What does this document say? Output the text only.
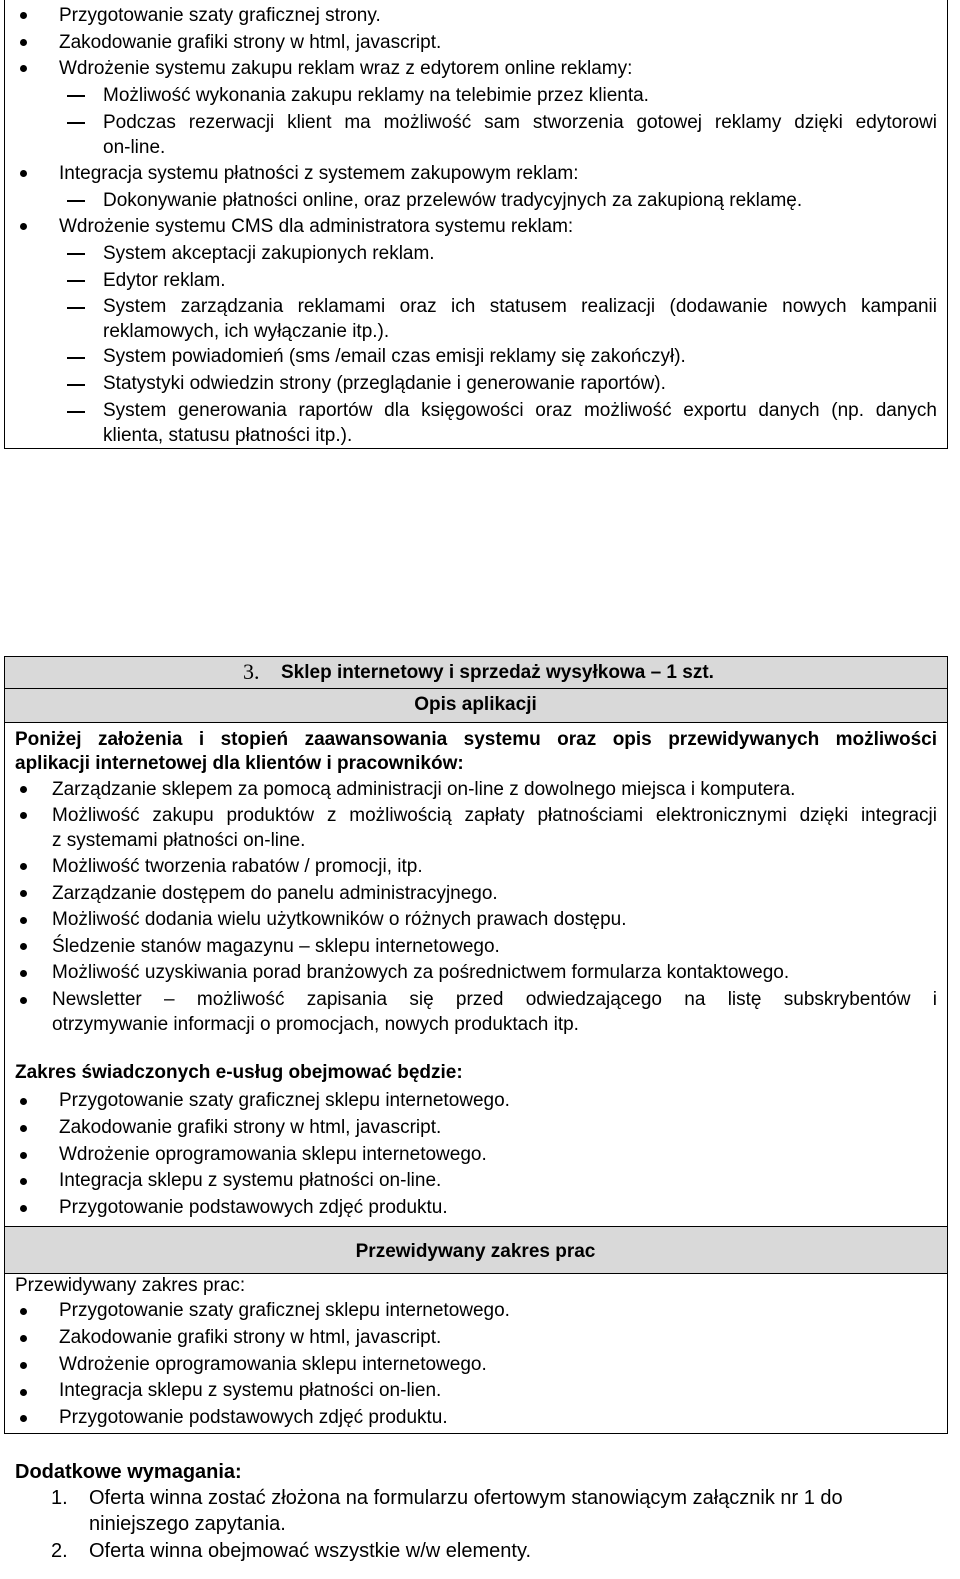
Przygotowanie szaty graficznej strony.
Zakodowanie grafiki strony w html, javascript.
Wdrożenie systemu zakupu reklam wraz z edytorem online reklamy:
Możliwość wykonania zakupu reklamy na telebimie przez klienta.
Podczas rezerwacji klient ma możliwość sam stworzenia gotowej reklamy dzięki edytorowi
on-line.
Integracja systemu płatności z systemem zakupowym reklam:
Dokonywanie płatności online, oraz przelewów tradycyjnych za zakupioną reklamę.
Wdrożenie systemu CMS dla administratora systemu reklam:
System akceptacji zakupionych reklam.
Edytor reklam.
System zarządzania reklamami oraz ich statusem realizacji (dodawanie nowych kampanii
reklamowych, ich wyłączanie itp.).
System powiadomień (sms /email czas emisji reklamy się zakończył).
Statystyki odwiedzin strony (przeglądanie i generowanie raportów).
System generowania raportów dla księgowości oraz możliwość exportu danych (np. danych
klienta, statusu płatności itp.).
3. Sklep internetowy i sprzedaż wysyłkowa – 1 szt.
Opis aplikacji
Poniżej założenia i stopień zaawansowania systemu oraz opis przewidywanych możliwości
aplikacji internetowej dla klientów i pracowników:
Zarządzanie sklepem za pomocą administracji on-line z dowolnego miejsca i komputera.
Możliwość zakupu produktów z możliwością zapłaty płatnościami elektronicznymi dzięki integracji
z systemami płatności on-line.
Możliwość tworzenia rabatów / promocji, itp.
Zarządzanie dostępem do panelu administracyjnego.
Możliwość dodania wielu użytkowników o różnych prawach dostępu.
Śledzenie stanów magazynu – sklepu internetowego.
Możliwość uzyskiwania porad branżowych za pośrednictwem formularza kontaktowego.
Newsletter – możliwość zapisania się przed odwiedzającego na listę subskrybentów i
otrzymywanie informacji o promocjach, nowych produktach itp.
Zakres świadczonych e-usług obejmować będzie:
Przygotowanie szaty graficznej sklepu internetowego.
Zakodowanie grafiki strony w html, javascript.
Wdrożenie oprogramowania sklepu internetowego.
Integracja sklepu z systemu płatności on-line.
Przygotowanie podstawowych zdjęć produktu.
Przewidywany zakres prac
Przewidywany zakres prac:
Przygotowanie szaty graficznej sklepu internetowego.
Zakodowanie grafiki strony w html, javascript.
Wdrożenie oprogramowania sklepu internetowego.
Integracja sklepu z systemu płatności on-lien.
Przygotowanie podstawowych zdjęć produktu.
Dodatkowe wymagania:
1. Oferta winna zostać złożona na formularzu ofertowym stanowiącym załącznik nr 1 do
niniejszego zapytania.
2. Oferta winna obejmować wszystkie w/w elementy.
